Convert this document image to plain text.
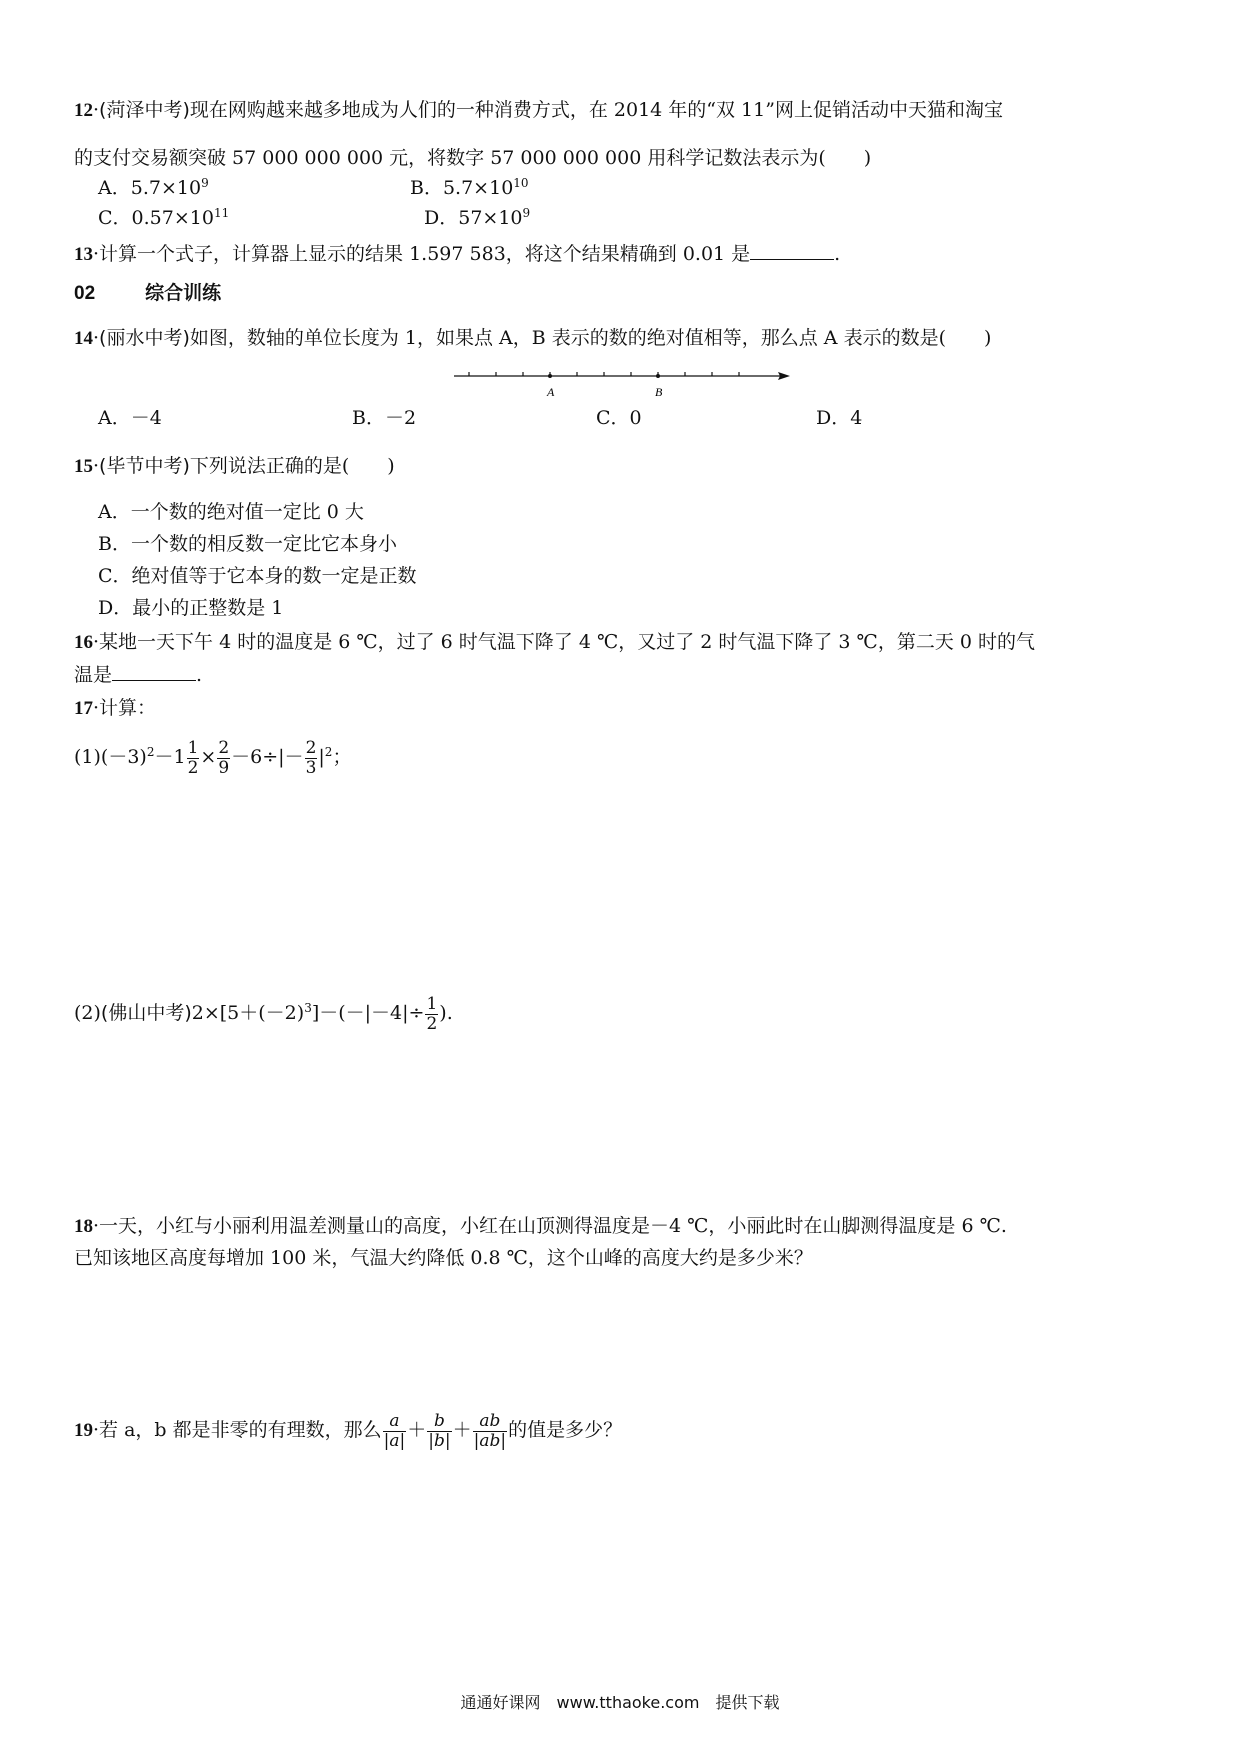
12·(菏泽中考)现在网购越来越多地成为人们的一种消费方式，在 2014 年的“双 11”网上促销活动中天猫和淘宝
的支付交易额突破 57 000 000 000 元，将数字 57 000 000 000 用科学记数法表示为(　　)
A．$5.7\times 10^9$	B．$5.7\times 10^{10}$
C．$0.57\times 10^{11}$	D．$57\times 10^9$
13·计算一个式子，计算器上显示的结果 1.597 583，将这个结果精确到 0.01 是	.
02	综合训练
14·(丽水中考)如图，数轴的单位长度为 1，如果点 A，B 表示的数的绝对值相等，那么点 A 表示的数是(　　)
A	B
A．－4	B．－2	C．0	D．4
15·(毕节中考)下列说法正确的是(　　)
A．一个数的绝对值一定比 0 大
B．一个数的相反数一定比它本身小
C．绝对值等于它本身的数一定是正数
D．最小的正整数是 1
16·某地一天下午 4 时的温度是 6 ℃，过了 6 时气温下降了 4 ℃，又过了 2 时气温下降了 3 ℃，第二天 0 时的气
温是	.
17·计算：
$(1)(-3)^2-1 \frac{1}{2} \times \frac{2}{9} -6\div|- \frac{2}{3} |^2$；
(2)(佛山中考)$2\times[5+(-2)^3]-(-|-4|\div \frac{1}{2}$ ).
18·一天，小红与小丽利用温差测量山的高度，小红在山顶测得温度是－4 ℃，小丽此时在山脚测得温度是 6 ℃.
已知该地区高度每增加 100 米，气温大约降低 0.8 ℃，这个山峰的高度大约是多少米？
19·若 a，b 都是非零的有理数，那么 $\frac{a}{|a|} + \frac{b}{|b|} + \frac{ab}{|ab|}$ 的值是多少？
通通好课网　www.tthaoke.com　提供下载
